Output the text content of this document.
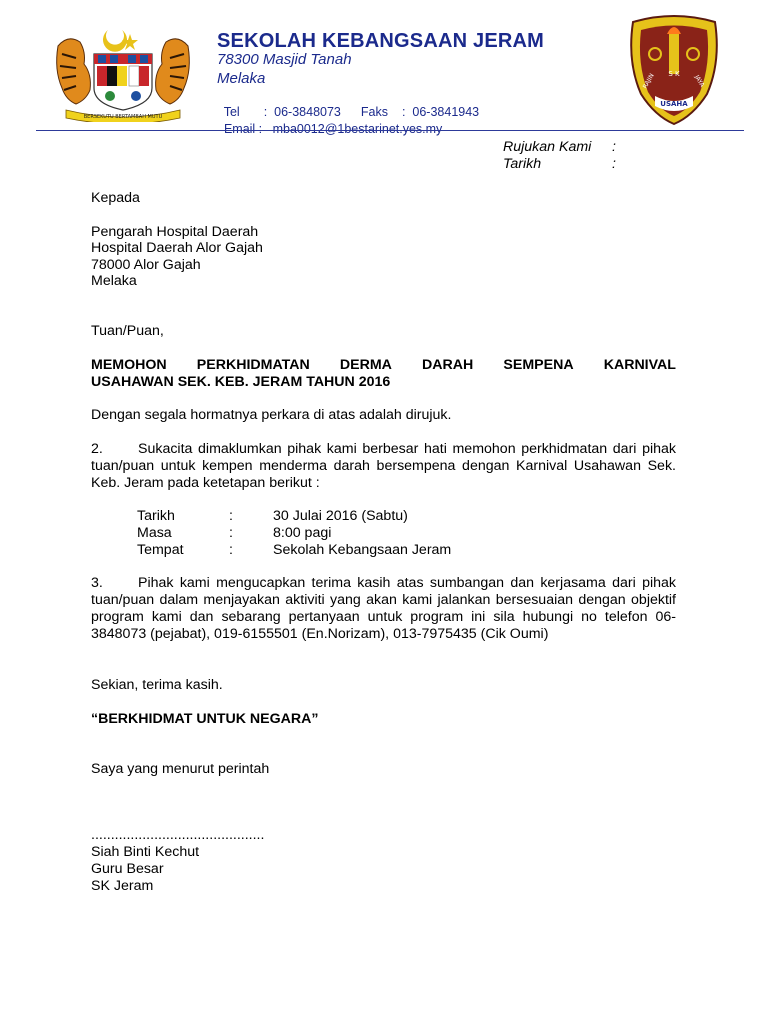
BERSEKUTU BERTAMBAH MUTU
S K
RAJIN	JAYA
USAHA
SEKOLAH KEBANGSAAN JERAM
78300 Masjid Tanah
Melaka

Tel :  06-3848073 Faks :  06-3841943

Email : mba0012@1bestarinet.yes.my

Rujukan Kami :
Tarikh	:
Kepada
Pengarah Hospital Daerah
Hospital Daerah Alor Gajah
78000 Alor Gajah
Melaka
Tuan/Puan,
MEMOHON PERKHIDMATAN DERMA DARAH SEMPENA KARNIVAL
USAHAWAN SEK. KEB. JERAM TAHUN 2016
Dengan segala hormatnya perkara di atas adalah dirujuk.
2. Sukacita dimaklumkan pihak kami berbesar hati memohon perkhidmatan dari pihak tuan/puan untuk kempen menderma darah bersempena dengan Karnival Usahawan Sek. Keb. Jeram pada ketetapan berikut :
Tarikh	:	30 Julai 2016 (Sabtu)
Masa	:	8:00 pagi
Tempat	:	Sekolah Kebangsaan Jeram
3. Pihak kami mengucapkan terima kasih atas sumbangan dan kerjasama dari pihak tuan/puan dalam menjayakan aktiviti yang akan kami jalankan bersesuaian dengan objektif program kami dan sebarang pertanyaan untuk program ini sila hubungi no telefon 06-3848073 (pejabat), 019-6155501 (En.Norizam), 013-7975435 (Cik Oumi)
Sekian, terima kasih.
“BERKHIDMAT UNTUK NEGARA”
Saya yang menurut perintah
............................................
Siah Binti Kechut
Guru Besar
SK Jeram
